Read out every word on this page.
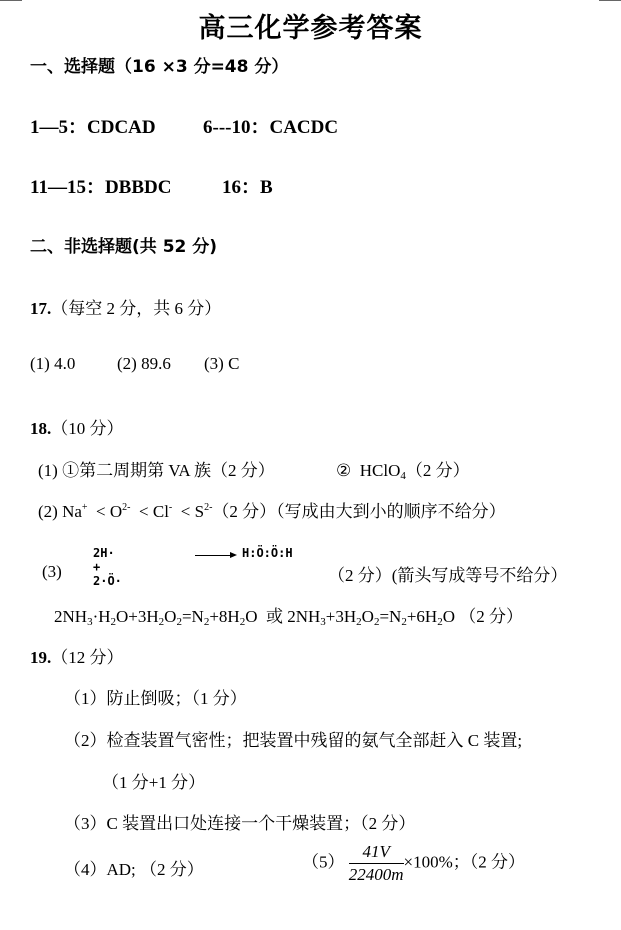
高三化学参考答案
一、选择题（16 ×3 分=48 分）
1—5：CDCAD 6---10：CACDC
11—15：DBBDC	16：B
二、非选择题(共 52 分)
17.（每空 2 分，共 6 分）
(1) 4.0 (2) 89.6 (3) C
18.（10 分）
(1) ①第二周期第 VA 族（2 分）	② HClO$_4$（2 分）
(2) $Na^+ < O^{2-} < Cl^- < S^{2-}(2$ 分）（写成由大到小的顺序不给分）
2H· + 2·Ö·
H:Ö:Ö:H
(3)	（2 分）(箭头写成等号不给分）
$2NH_3\cdot H_2O+3H_2O_2=N_2+8H_2O$  或 $2NH_3+3H_2O_2=N_2+6H_2O$ （2 分）
19.（12 分）
（1）防止倒吸；（1 分）
（2）检查装置气密性；把装置中残留的氨气全部赶入 C 装置;
（1 分+1 分）
（3）C 装置出口处连接一个干燥装置；（2 分）
（4）AD; （2 分）	$(5) \frac{41V}{22400m} \times 100\%$；（2 分）
